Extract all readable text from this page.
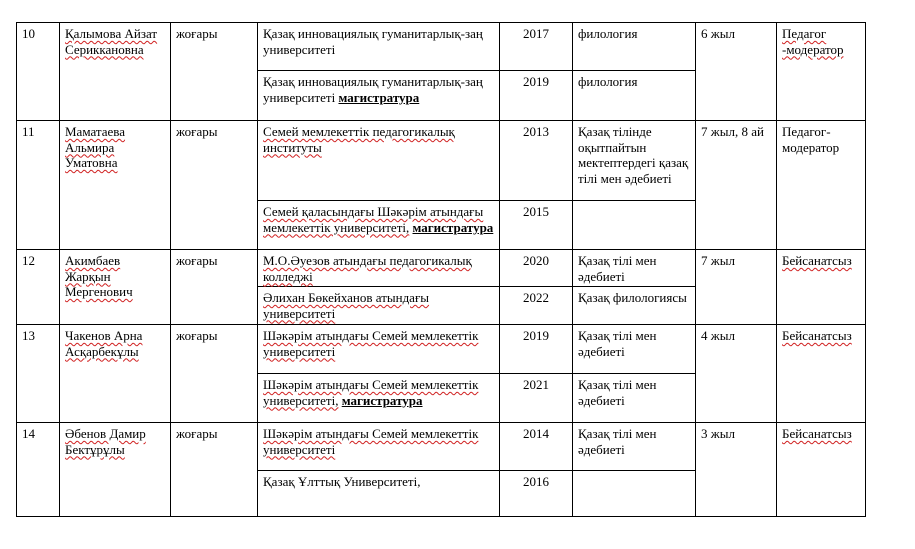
10	Қалымова Айзат Сериккановна	жоғары	Қазақ инновациялық гуманитарлық-заң университеті	2017	филология	6 жыл	Педагог -модератор
			Қазақ инновациялық гуманитарлық-заң университеті магистратура	2019	филология		
11	Маматаева Альмира Уматовна	жоғары	Семей мемлекеттік педагогикалық институты	2013	Қазақ тілінде оқытпайтын мектептердегі қазақ тілі мен әдебиеті	7 жыл, 8 ай	Педагог-модератор
			Семей қаласындағы Шәкәрім атындағы мемлекеттік университеті, магистратура	2015			
12	Акимбаев Жарқын Мергенович	жоғары	М.О.Әуезов атындағы педагогикалық колледжі	2020	Қазақ тілі мен әдебиеті	7 жыл	Бейсанатсыз
			Әлихан Бөкейханов атындағы университеті	2022	Қазақ филологиясы		
13	Чакенов Арна Асқарбекұлы	жоғары	Шәкәрім атындағы Семей мемлекеттік университеті	2019	Қазақ тілі мен әдебиеті	4 жыл	Бейсанатсыз
			Шәкәрім атындағы Семей мемлекеттік университеті, магистратура	2021	Қазақ тілі мен әдебиеті		
14	Әбенов Дамир Бектұрұлы	жоғары	Шәкәрім атындағы Семей мемлекеттік университеті	2014	Қазақ тілі мен әдебиеті	3 жыл	Бейсанатсыз
			Қазақ Ұлттық Университеті,	2016			
